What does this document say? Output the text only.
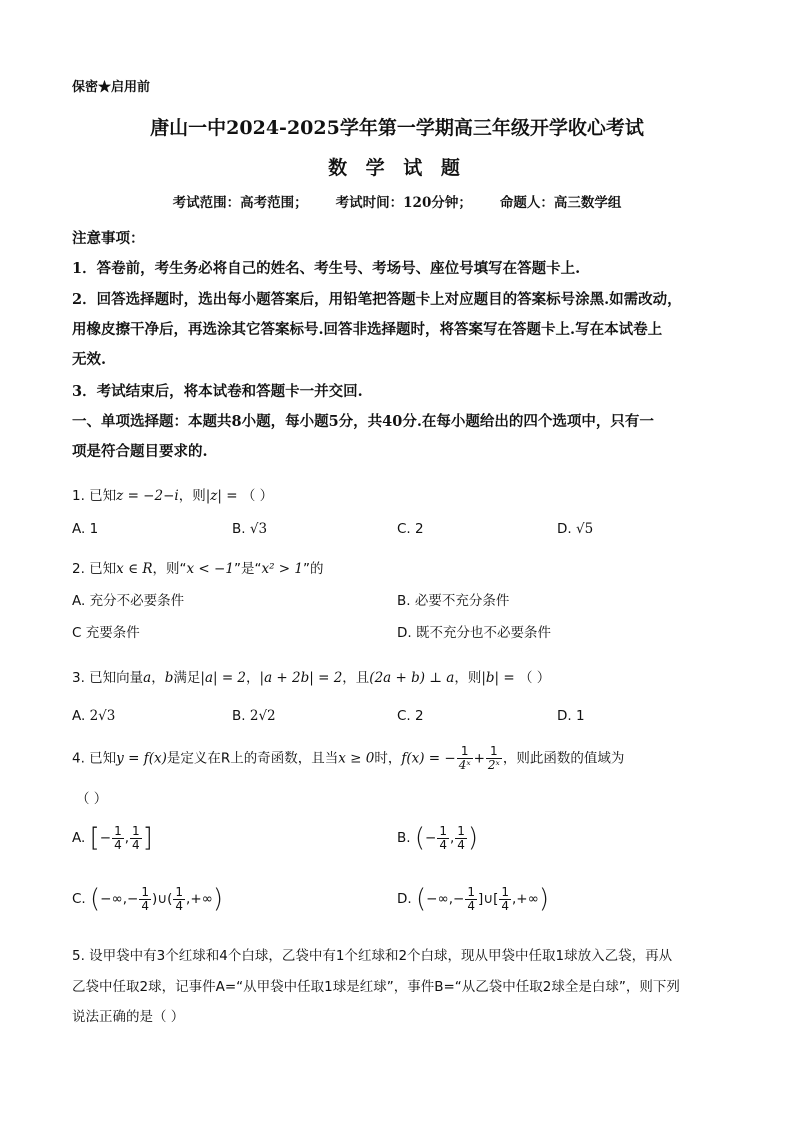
保密★启用前
唐山一中2024-2025学年第一学期高三年级开学收心考试
数 学 试 题
考试范围：高考范围； 考试时间：120分钟； 命题人：高三数学组
注意事项：
1．答卷前，考生务必将自己的姓名、考生号、考场号、座位号填写在答题卡上.
2．回答选择题时，选出每小题答案后，用铅笔把答题卡上对应题目的答案标号涂黑.如需改动，
用橡皮擦干净后，再选涂其它答案标号.回答非选择题时，将答案写在答题卡上.写在本试卷上
无效.
3．考试结束后，将本试卷和答题卡一并交回.
一、单项选择题：本题共8小题，每小题5分，共40分.在每小题给出的四个选项中，只有一
项是符合题目要求的.
1. 已知z = −2−i，则|z| = （ ）
A. 1	B. √3	C. 2	D. √5
2. 已知x ∈ R，则“x < −1”是“x² > 1”的
A. 充分不必要条件	B. 必要不充分条件
C 充要条件	D. 既不充分也不必要条件
3. 已知向量a，b满足|a| = 2，|a + 2b| = 2，且(2a + b) ⊥ a，则|b| = （ ）
A. 2√3	B. 2√2	C. 2	D. 1
4. 已知y = f(x)是定义在R上的奇函数，且当x ≥ 0时，f(x) = − $\frac{1}{\text{4ˣ}} + \frac{1}{\text{2ˣ}}$ ，则此函数的值域为
（ ）
A. [− $\frac{1}{4}$ , $\frac{1}{4}$ ]	B. (− $\frac{1}{4}$ , $\frac{1}{4}$ )
C. (−∞,− $\frac{1}{4}$ )∪( $\frac{1}{4}$ ,+∞)	D. (−∞,− $\frac{1}{4}$ ]∪[ $\frac{1}{4}$ ,+∞)
5. 设甲袋中有3个红球和4个白球，乙袋中有1个红球和2个白球，现从甲袋中任取1球放入乙袋，再从
乙袋中任取2球，记事件A=“从甲袋中任取1球是红球”，事件B=“从乙袋中任取2球全是白球”，则下列
说法正确的是（ ）
